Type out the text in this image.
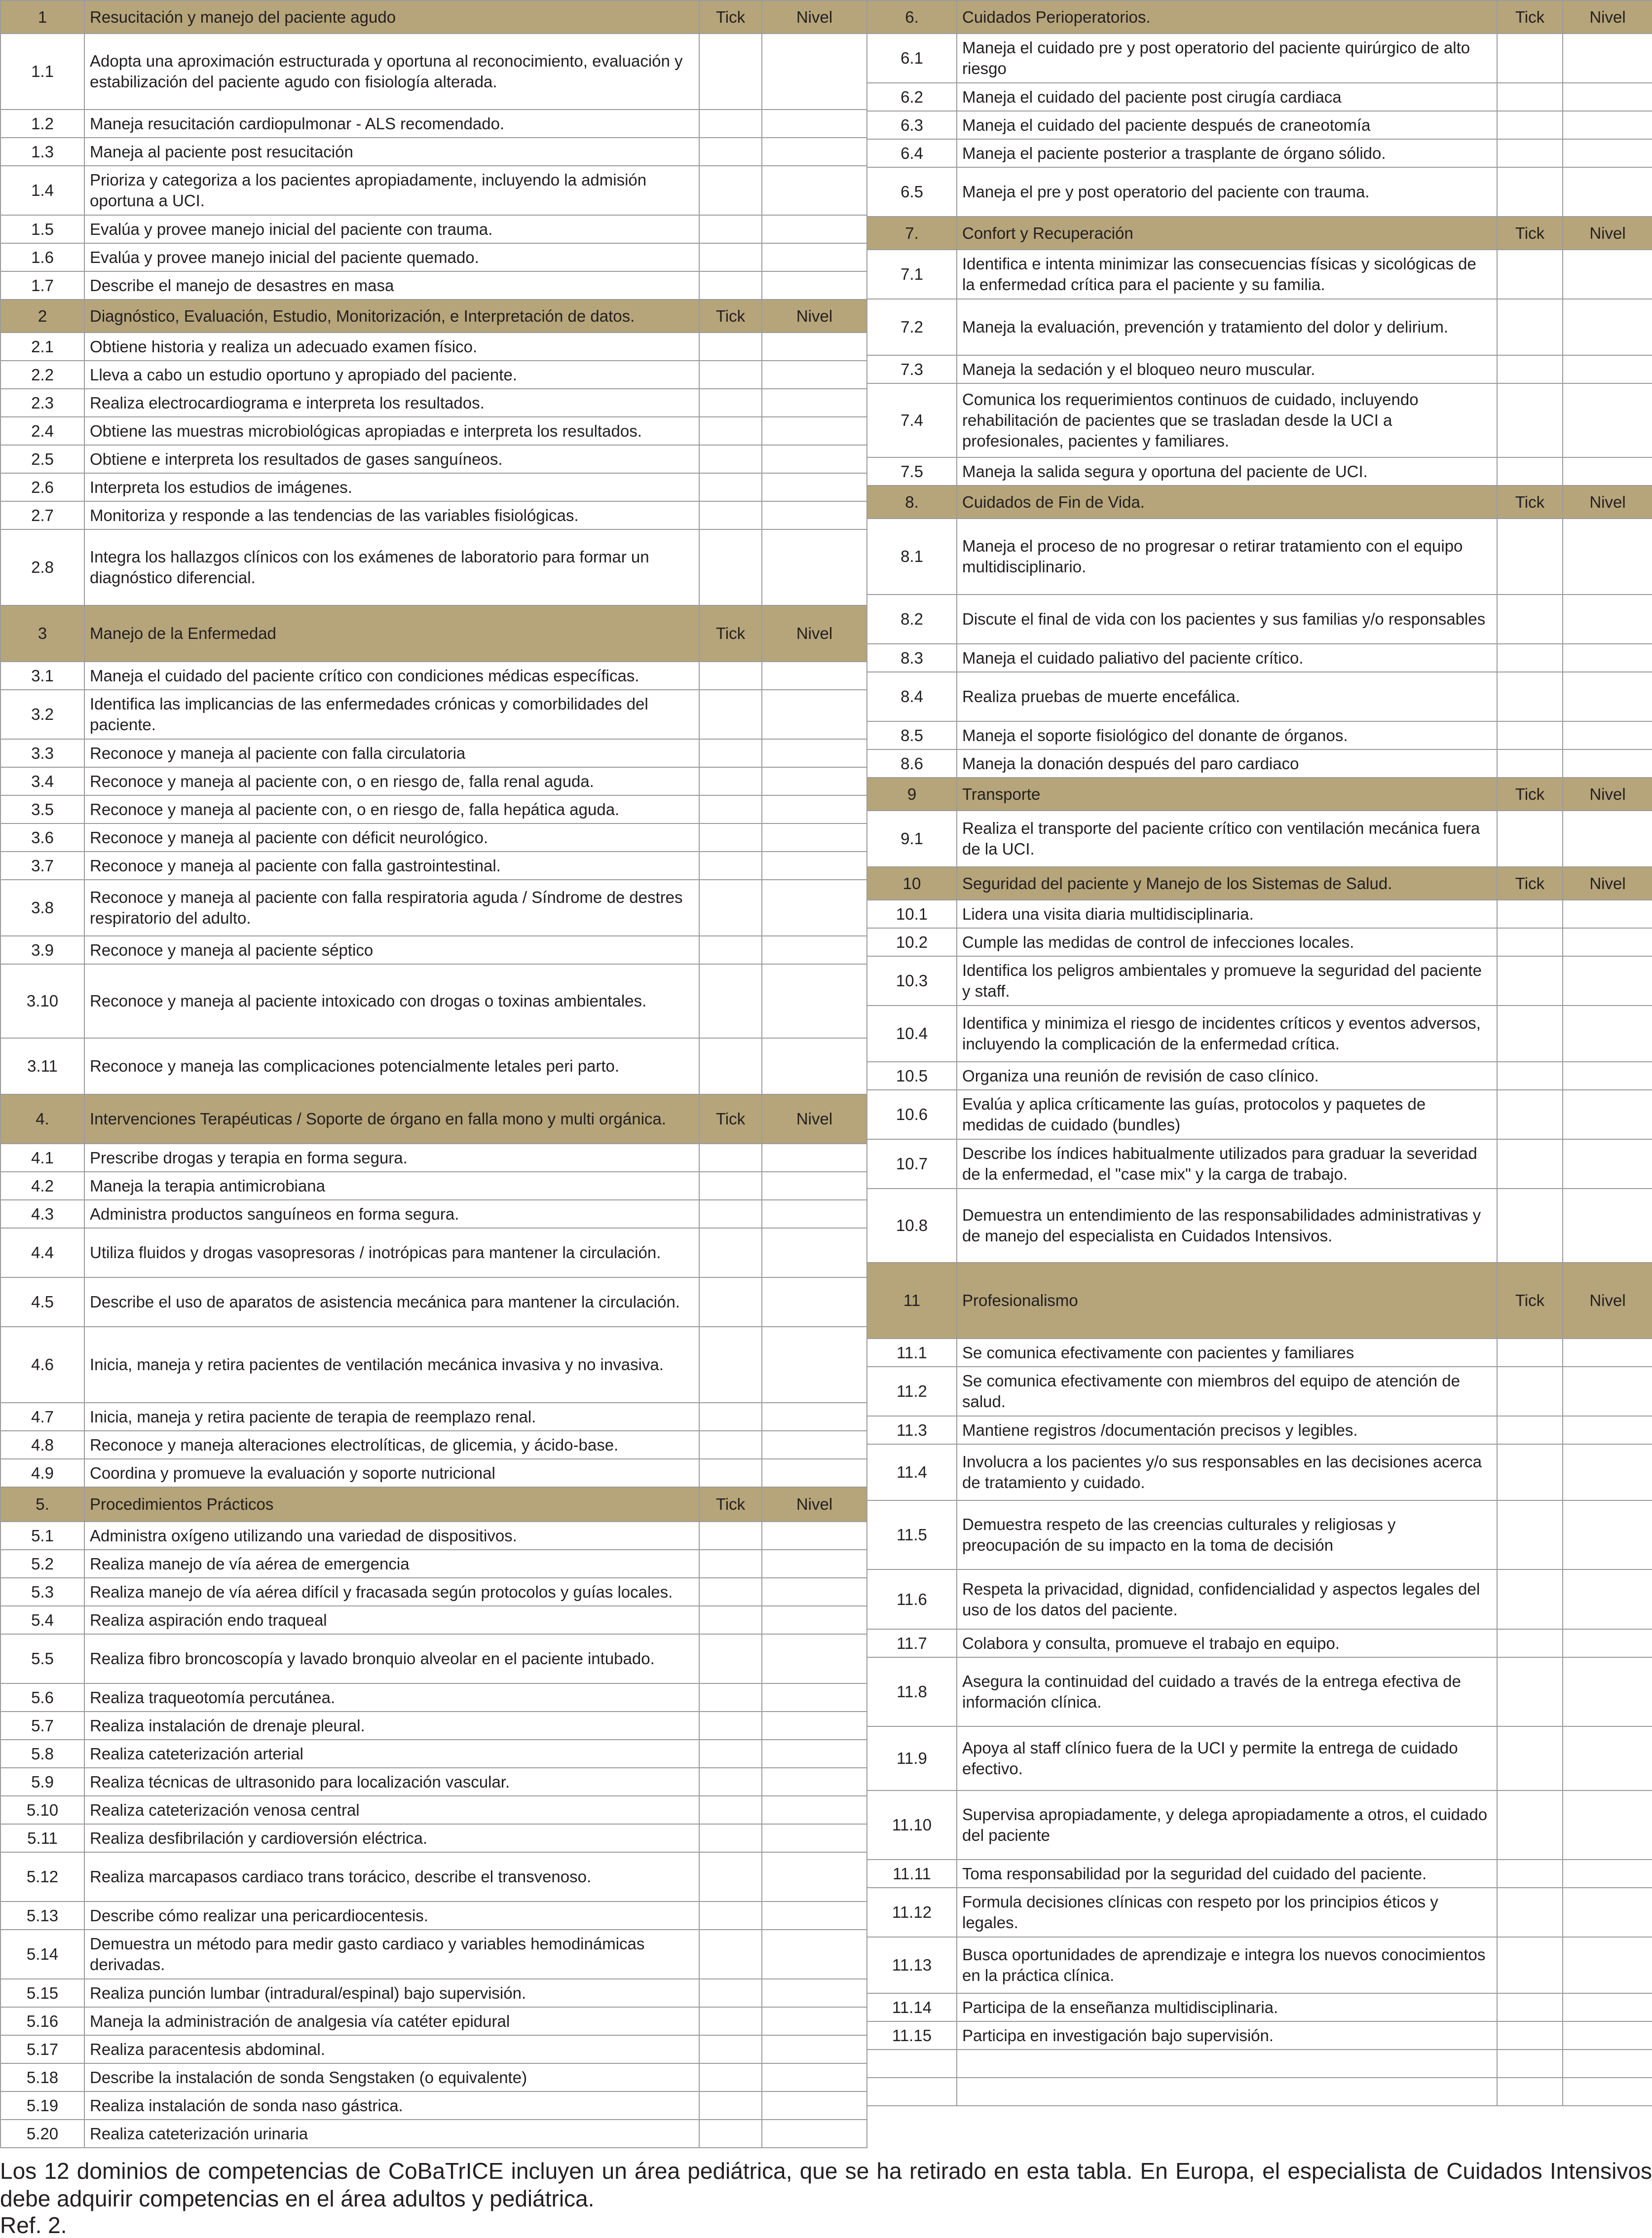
1	Resucitación y manejo del paciente agudo	Tick	Nivel
1.1	Adopta una aproximación estructurada y oportuna al reconocimiento, evaluación y estabilización del paciente agudo con fisiología alterada.		
1.2	Maneja resucitación cardiopulmonar - ALS recomendado.		
1.3	Maneja al paciente post resucitación		
1.4	Prioriza y categoriza a los pacientes apropiadamente, incluyendo la admisión oportuna a UCI.		
1.5	Evalúa y provee manejo inicial del paciente con trauma.		
1.6	Evalúa y provee manejo inicial del paciente quemado.		
1.7	Describe el manejo de desastres en masa		
2	Diagnóstico, Evaluación, Estudio, Monitorización, e Interpretación de datos.	Tick	Nivel
2.1	Obtiene historia y realiza un adecuado examen físico.		
2.2	Lleva a cabo un estudio oportuno y apropiado del paciente.		
2.3	Realiza electrocardiograma e interpreta los resultados.		
2.4	Obtiene las muestras microbiológicas apropiadas e interpreta los resultados.		
2.5	Obtiene e interpreta los resultados de gases sanguíneos.		
2.6	Interpreta los estudios de imágenes.		
2.7	Monitoriza y responde a las tendencias de las variables fisiológicas.		
2.8	Integra los hallazgos clínicos con los exámenes de laboratorio para formar un diagnóstico diferencial.		
3	Manejo de la Enfermedad	Tick	Nivel
3.1	Maneja el cuidado del paciente crítico con condiciones médicas específicas.		
3.2	Identifica las implicancias de las enfermedades crónicas y comorbilidades del paciente.		
3.3	Reconoce y maneja al paciente con falla circulatoria		
3.4	Reconoce y maneja al paciente con, o en riesgo de, falla renal aguda.		
3.5	Reconoce y maneja al paciente con, o en riesgo de, falla hepática aguda.		
3.6	Reconoce y maneja al paciente con déficit neurológico.		
3.7	Reconoce y maneja al paciente con falla gastrointestinal.		
3.8	Reconoce y maneja al paciente con falla respiratoria aguda / Síndrome de destres respiratorio del adulto.		
3.9	Reconoce y maneja al paciente séptico		
3.10	Reconoce y maneja al paciente intoxicado con drogas o toxinas ambientales.		
3.11	Reconoce y maneja las complicaciones potencialmente letales peri parto.		
4.	Intervenciones Terapéuticas / Soporte de órgano en falla mono y multi orgánica.	Tick	Nivel
4.1	Prescribe drogas y terapia en forma segura.		
4.2	Maneja la terapia antimicrobiana		
4.3	Administra productos sanguíneos en forma segura.		
4.4	Utiliza fluidos y drogas vasopresoras / inotrópicas para mantener la circulación.		
4.5	Describe el uso de aparatos de asistencia mecánica para mantener la circulación.		
4.6	Inicia, maneja y retira pacientes de ventilación mecánica invasiva y no invasiva.		
4.7	Inicia, maneja y retira paciente de terapia de reemplazo renal.		
4.8	Reconoce y maneja alteraciones electrolíticas, de glicemia, y ácido-base.		
4.9	Coordina y promueve la evaluación y soporte nutricional		
5.	Procedimientos Prácticos	Tick	Nivel
5.1	Administra oxígeno utilizando una variedad de dispositivos.		
5.2	Realiza manejo de vía aérea de emergencia		
5.3	Realiza manejo de vía aérea difícil y fracasada según protocolos y guías locales.		
5.4	Realiza aspiración endo traqueal		
5.5	Realiza fibro broncoscopía y lavado bronquio alveolar en el paciente intubado.		
5.6	Realiza traqueotomía percutánea.		
5.7	Realiza instalación de drenaje pleural.		
5.8	Realiza cateterización arterial		
5.9	Realiza técnicas de ultrasonido para localización vascular.		
5.10	Realiza cateterización venosa central		
5.11	Realiza desfibrilación y cardioversión eléctrica.		
5.12	Realiza marcapasos cardiaco trans torácico, describe el transvenoso.		
5.13	Describe cómo realizar una pericardiocentesis.		
5.14	Demuestra un método para medir gasto cardiaco y variables hemodinámicas derivadas.		
5.15	Realiza punción lumbar (intradural/espinal) bajo supervisión.		
5.16	Maneja la administración de analgesia vía catéter epidural		
5.17	Realiza paracentesis abdominal.		
5.18	Describe la instalación de sonda Sengstaken (o equivalente)		
5.19	Realiza instalación de sonda naso gástrica.		
5.20	Realiza cateterización urinaria		
6.	Cuidados Perioperatorios.	Tick	Nivel
6.1	Maneja el cuidado pre y post operatorio del paciente quirúrgico de alto riesgo		
6.2	Maneja el cuidado del paciente post cirugía cardiaca		
6.3	Maneja el cuidado del paciente después de craneotomía		
6.4	Maneja el paciente posterior a trasplante de órgano sólido.		
6.5	Maneja el pre y post operatorio del paciente con trauma.		
7.	Confort y Recuperación	Tick	Nivel
7.1	Identifica e intenta minimizar las consecuencias físicas y sicológicas de la enfermedad crítica para el paciente y su familia.		
7.2	Maneja la evaluación, prevención y tratamiento del dolor y delirium.		
7.3	Maneja la sedación y el bloqueo neuro muscular.		
7.4	Comunica los requerimientos continuos de cuidado, incluyendo rehabilitación de pacientes que se trasladan desde la UCI a profesionales, pacientes y familiares.		
7.5	Maneja la salida segura y oportuna del paciente de UCI.		
8.	Cuidados de Fin de Vida.	Tick	Nivel
8.1	Maneja el proceso de no progresar o retirar tratamiento con el equipo multidisciplinario.		
8.2	Discute el final de vida con los pacientes y sus familias y/o responsables		
8.3	Maneja el cuidado paliativo del paciente crítico.		
8.4	Realiza pruebas de muerte encefálica.		
8.5	Maneja el soporte fisiológico del donante de órganos.		
8.6	Maneja la donación después del paro cardiaco		
9	Transporte	Tick	Nivel
9.1	Realiza el transporte del paciente crítico con ventilación mecánica fuera de la UCI.		
10	Seguridad del paciente y Manejo de los Sistemas de Salud.	Tick	Nivel
10.1	Lidera una visita diaria multidisciplinaria.		
10.2	Cumple las medidas de control de infecciones locales.		
10.3	Identifica los peligros ambientales y promueve la seguridad del paciente y staff.		
10.4	Identifica y minimiza el riesgo de incidentes críticos y eventos adversos, incluyendo la complicación de la enfermedad crítica.		
10.5	Organiza una reunión de revisión de caso clínico.		
10.6	Evalúa y aplica críticamente las guías, protocolos y paquetes de medidas de cuidado (bundles)		
10.7	Describe los índices habitualmente utilizados para graduar la severidad de la enfermedad, el "case mix" y la carga de trabajo.		
10.8	Demuestra un entendimiento de las responsabilidades administrativas y de manejo del especialista en Cuidados Intensivos.		
11	Profesionalismo	Tick	Nivel
11.1	Se comunica efectivamente con pacientes y familiares		
11.2	Se comunica efectivamente con miembros del equipo de atención de salud.		
11.3	Mantiene registros /documentación precisos y legibles.		
11.4	Involucra a los pacientes y/o sus responsables en las decisiones acerca de tratamiento y cuidado.		
11.5	Demuestra respeto de las creencias culturales y religiosas y preocupación de su impacto en la toma de decisión		
11.6	Respeta la privacidad, dignidad, confidencialidad y aspectos legales del uso de los datos del paciente.		
11.7	Colabora y consulta, promueve el trabajo en equipo.		
11.8	Asegura la continuidad del cuidado a través de la entrega efectiva de información clínica.		
11.9	Apoya al staff clínico fuera de la UCI y permite la entrega de cuidado efectivo.		
11.10	Supervisa apropiadamente, y delega apropiadamente a otros, el cuidado del paciente		
11.11	Toma responsabilidad por la seguridad del cuidado del paciente.		
11.12	Formula decisiones clínicas con respeto por los principios éticos y legales.		
11.13	Busca oportunidades de aprendizaje e integra los nuevos conocimientos en la práctica clínica.		
11.14	Participa de la enseñanza multidisciplinaria.		
11.15	Participa en investigación bajo supervisión.		

Los 12 dominios de competencias de CoBaTrICE incluyen un área pediátrica, que se ha retirado en esta tabla. En Europa, el especialista de Cuidados Intensivos debe adquirir competencias en el área adultos y pediátrica.
Ref. 2.
